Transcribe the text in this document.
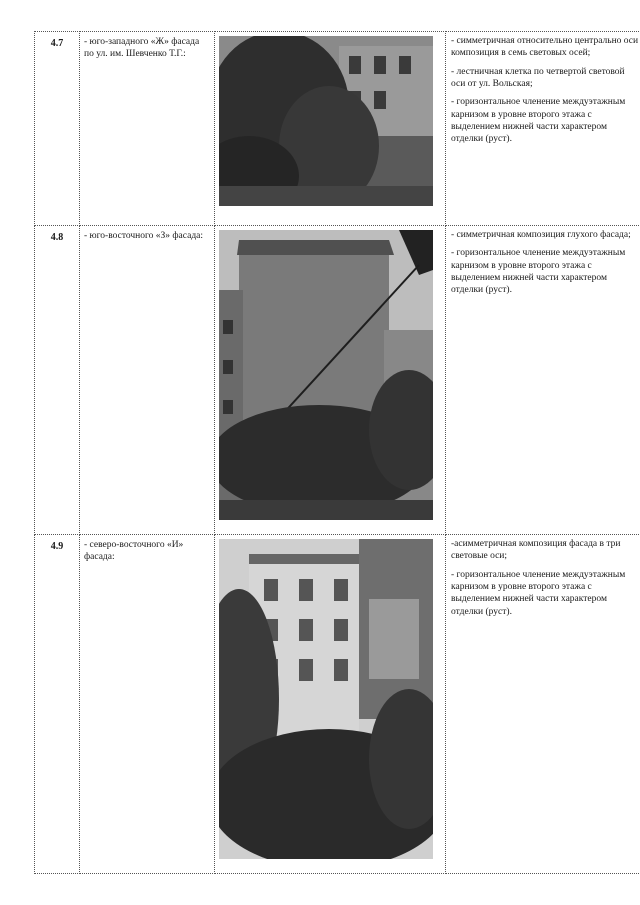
4.7	- юго-западного «Ж» фасада по ул. им. Шевченко Т.Г.:		- симметричная относительно центрально оси композиция в семь световых осей;

- лестничная клетка по четвертой световой оси от ул. Вольская;

- горизонтальное членение междуэтажным карнизом в уровне второго этажа с выделением нижней части характером отделки (руст).

4.8	- юго-восточного «З» фасада:		- симметричная композиция глухого фасада;

- горизонтальное членение междуэтажным карнизом в уровне второго этажа с выделением нижней части характером отделки (руст).

4.9	- северо-восточного «И» фасада:		-асимметричная композиция фасада в три световые оси;

- горизонтальное членение междуэтажным карнизом в уровне второго этажа с выделением нижней части характером отделки (руст).
